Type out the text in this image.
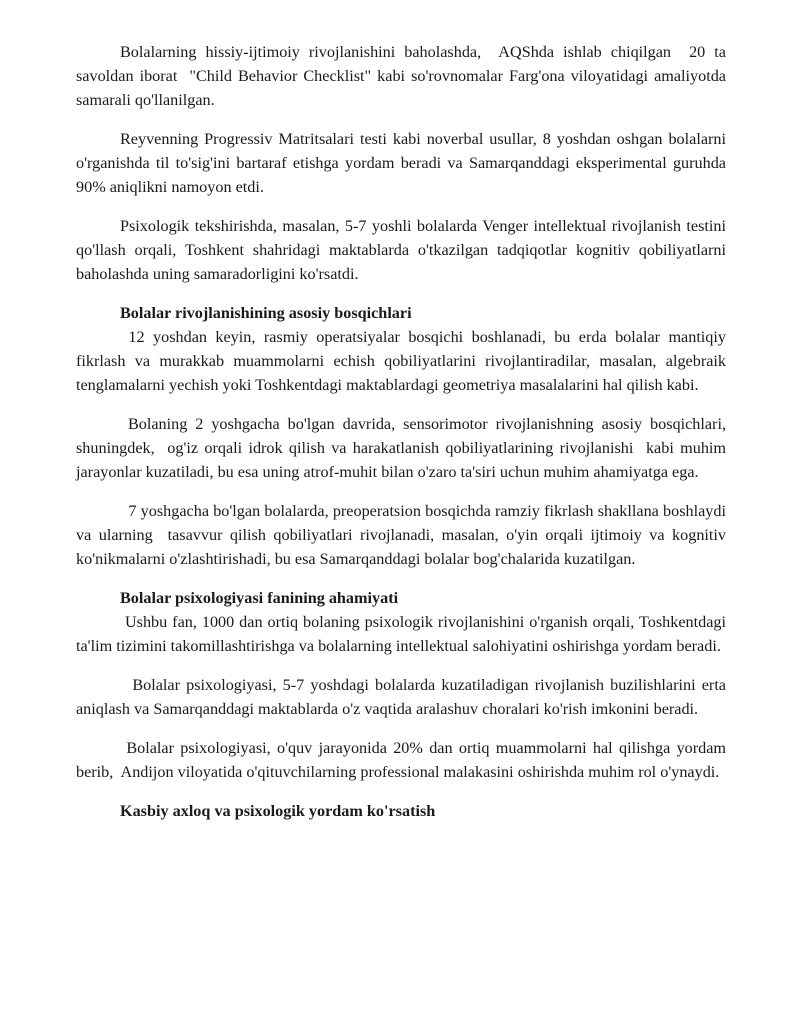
Bolalarning hissiy-ijtimoiy rivojlanishini baholashda,  AQShda ishlab chiqilgan  20 ta savoldan iborat  "Child Behavior Checklist" kabi so'rovnomalar Farg'ona viloyatidagi amaliyotda samarali qo'llanilgan.

Reyvenning Progressiv Matritsalari testi kabi noverbal usullar, 8 yoshdan oshgan bolalarni o'rganishda til to'sig'ini bartaraf etishga yordam beradi va Samarqanddagi eksperimental guruhda 90% aniqlikni namoyon etdi.

Psixologik tekshirishda, masalan, 5-7 yoshli bolalarda Venger intellektual rivojlanish testini qo'llash orqali, Toshkent shahridagi maktablarda o'tkazilgan tadqiqotlar kognitiv qobiliyatlarni baholashda uning samaradorligini ko'rsatdi.

Bolalar rivojlanishining asosiy bosqichlari

12 yoshdan keyin, rasmiy operatsiyalar bosqichi boshlanadi, bu erda bolalar mantiqiy fikrlash va murakkab muammolarni echish qobiliyatlarini rivojlantiradilar, masalan, algebraik tenglamalarni yechish yoki Toshkentdagi maktablardagi geometriya masalalarini hal qilish kabi.

Bolaning 2 yoshgacha bo'lgan davrida, sensorimotor rivojlanishning asosiy bosqichlari, shuningdek,  og'iz orqali idrok qilish va harakatlanish qobiliyatlarining rivojlanishi  kabi muhim jarayonlar kuzatiladi, bu esa uning atrof-muhit bilan o'zaro ta'siri uchun muhim ahamiyatga ega.

7 yoshgacha bo'lgan bolalarda, preoperatsion bosqichda ramziy fikrlash shakllana boshlaydi va ularning  tasavvur qilish qobiliyatlari rivojlanadi, masalan, o'yin orqali ijtimoiy va kognitiv ko'nikmalarni o'zlashtirishadi, bu esa Samarqanddagi bolalar bog'chalarida kuzatilgan.

Bolalar psixologiyasi fanining ahamiyati

Ushbu fan, 1000 dan ortiq bolaning psixologik rivojlanishini o'rganish orqali, Toshkentdagi ta'lim tizimini takomillashtirishga va bolalarning intellektual salohiyatini oshirishga yordam beradi.

Bolalar psixologiyasi, 5-7 yoshdagi bolalarda kuzatiladigan rivojlanish buzilishlarini erta aniqlash va Samarqanddagi maktablarda o'z vaqtida aralashuv choralari ko'rish imkonini beradi.

Bolalar psixologiyasi, o'quv jarayonida 20% dan ortiq muammolarni hal qilishga yordam berib,  Andijon viloyatida o'qituvchilarning professional malakasini oshirishda muhim rol o'ynaydi.

Kasbiy axloq va psixologik yordam ko'rsatish
